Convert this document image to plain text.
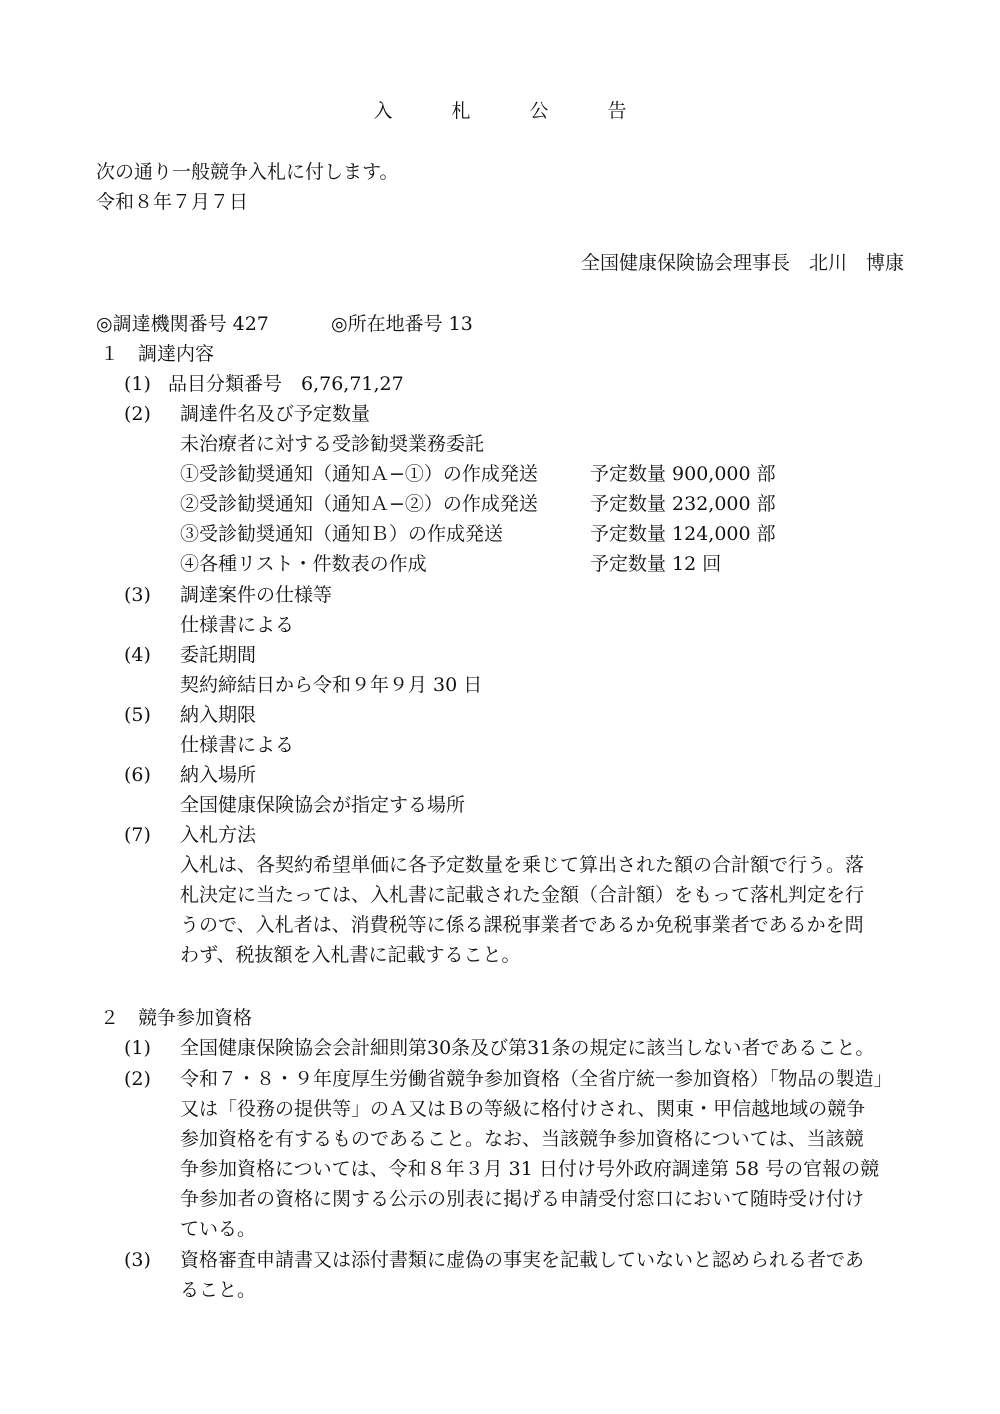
入　札　公　告
次の通り一般競争入札に付します。
令和８年７月７日
全国健康保険協会理事長　北川　博康
◎調達機関番号 427	◎所在地番号 13
１　調達内容
(1) 品目分類番号　6,76,71,27
(2) 調達件名及び予定数量
未治療者に対する受診勧奨業務委託
①受診勧奨通知（通知Ａ−①）の作成発送	予定数量 900,000 部
②受診勧奨通知（通知Ａ−②）の作成発送	予定数量 232,000 部
③受診勧奨通知（通知Ｂ）の作成発送	予定数量 124,000 部
④各種リスト・件数表の作成	予定数量 12 回
(3) 調達案件の仕様等
仕様書による
(4) 委託期間
契約締結日から令和９年９月 30 日
(5) 納入期限
仕様書による
(6) 納入場所
全国健康保険協会が指定する場所
(7) 入札方法
入札は、各契約希望単価に各予定数量を乗じて算出された額の合計額で行う。落
札決定に当たっては、入札書に記載された金額（合計額）をもって落札判定を行
うので、入札者は、消費税等に係る課税事業者であるか免税事業者であるかを問
わず、税抜額を入札書に記載すること。
２　競争参加資格
(1) 全国健康保険協会会計細則第30条及び第31条の規定に該当しない者であること。
(2) 令和７・８・９年度厚生労働省競争参加資格（全省庁統一参加資格）「物品の製造」
又は「役務の提供等」のＡ又はＢの等級に格付けされ、関東・甲信越地域の競争
参加資格を有するものであること。なお、当該競争参加資格については、当該競
争参加資格については、令和８年３月 31 日付け号外政府調達第 58 号の官報の競
争参加者の資格に関する公示の別表に掲げる申請受付窓口において随時受け付け
ている。
(3) 資格審査申請書又は添付書類に虚偽の事実を記載していないと認められる者であ
ること。
